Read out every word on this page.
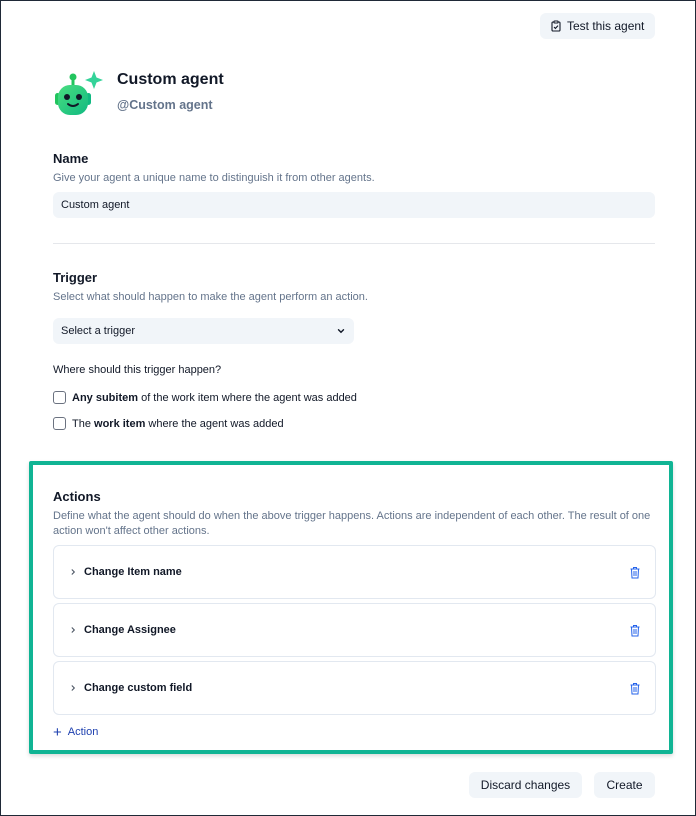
Test this agent
Custom agent
@Custom agent
Name
Give your agent a unique name to distinguish it from other agents.
Custom agent
Trigger
Select what should happen to make the agent perform an action.
Select a trigger
Where should this trigger happen?
Any subitem of the work item where the agent was added
The work item where the agent was added
Actions
Define what the agent should do when the above trigger happens. Actions are independent of each other. The result of one action won't affect other actions.
Change Item name
Change Assignee
Change custom field
+ Action
Discard changes	Create
